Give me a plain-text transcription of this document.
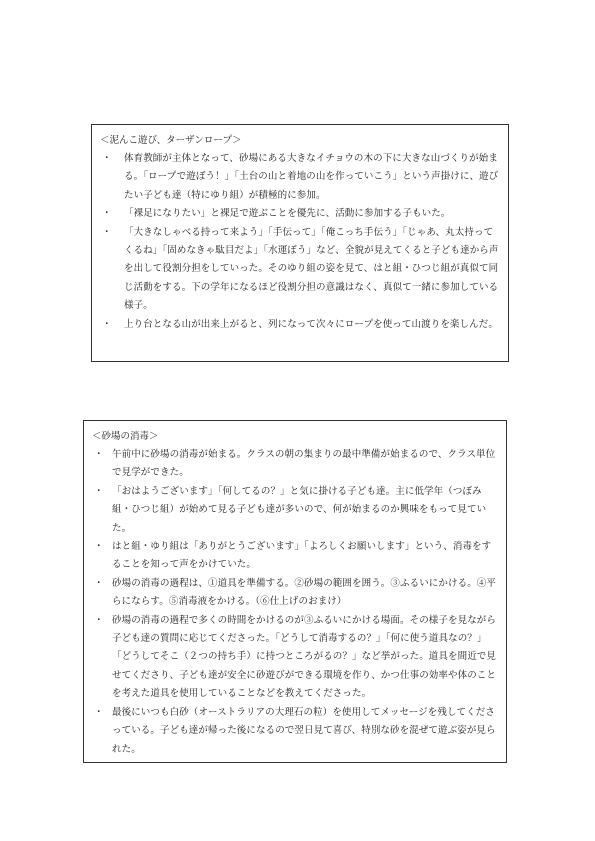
＜泥んこ遊び、ターザンロープ＞
・ 体育教師が主体となって、砂場にある大きなイチョウの木の下に大きな山づくりが始まる。「ロープで遊ぼう！」「土台の山と着地の山を作っていこう」という声掛けに、遊びたい子ども達（特にゆり組）が積極的に参加。
・ 「裸足になりたい」と裸足で遊ぶことを優先に、活動に参加する子もいた。
・ 「大きなしゃべる持って来よう」「手伝って」「俺こっち手伝う」「じゃあ、丸太持ってくるね」「固めなきゃ駄目だよ」「水運ぼう」など、全貌が見えてくると子ども達から声を出して役割分担をしていった。そのゆり組の姿を見て、はと組・ひつじ組が真似て同じ活動をする。下の学年になるほど役割分担の意識はなく、真似て一緒に参加している様子。
・ 上り台となる山が出来上がると、列になって次々にロープを使って山渡りを楽しんだ。
＜砂場の消毒＞
・ 午前中に砂場の消毒が始まる。クラスの朝の集まりの最中準備が始まるので、クラス単位で見学ができた。
・ 「おはようございます」「何してるの？」と気に掛ける子ども達。主に低学年（つぼみ組・ひつじ組）が始めて見る子ども達が多いので、何が始まるのか興味をもって見ていた。
・ はと組・ゆり組は「ありがとうございます」「よろしくお願いします」という、消毒をすることを知って声をかけていた。
・ 砂場の消毒の過程は、①道具を準備する。②砂場の範囲を囲う。③ふるいにかける。④平らにならす。⑤消毒液をかける。（⑥仕上げのおまけ）
・ 砂場の消毒の過程で多くの時間をかけるのが③ふるいにかける場面。その様子を見ながら子ども達の質問に応じてくださった。「どうして消毒するの？」「何に使う道具なの？」「どうしてそこ（２つの持ち手）に持つところがるの？」など挙がった。道具を間近で見せてくださり、子ども達が安全に砂遊びができる環境を作り、かつ仕事の効率や体のことを考えた道具を使用していることなどを教えてくださった。
・ 最後にいつも白砂（オーストラリアの大理石の粒）を使用してメッセージを残してくださっている。子ども達が帰った後になるので翌日見て喜び、特別な砂を混ぜて遊ぶ姿が見られた。
